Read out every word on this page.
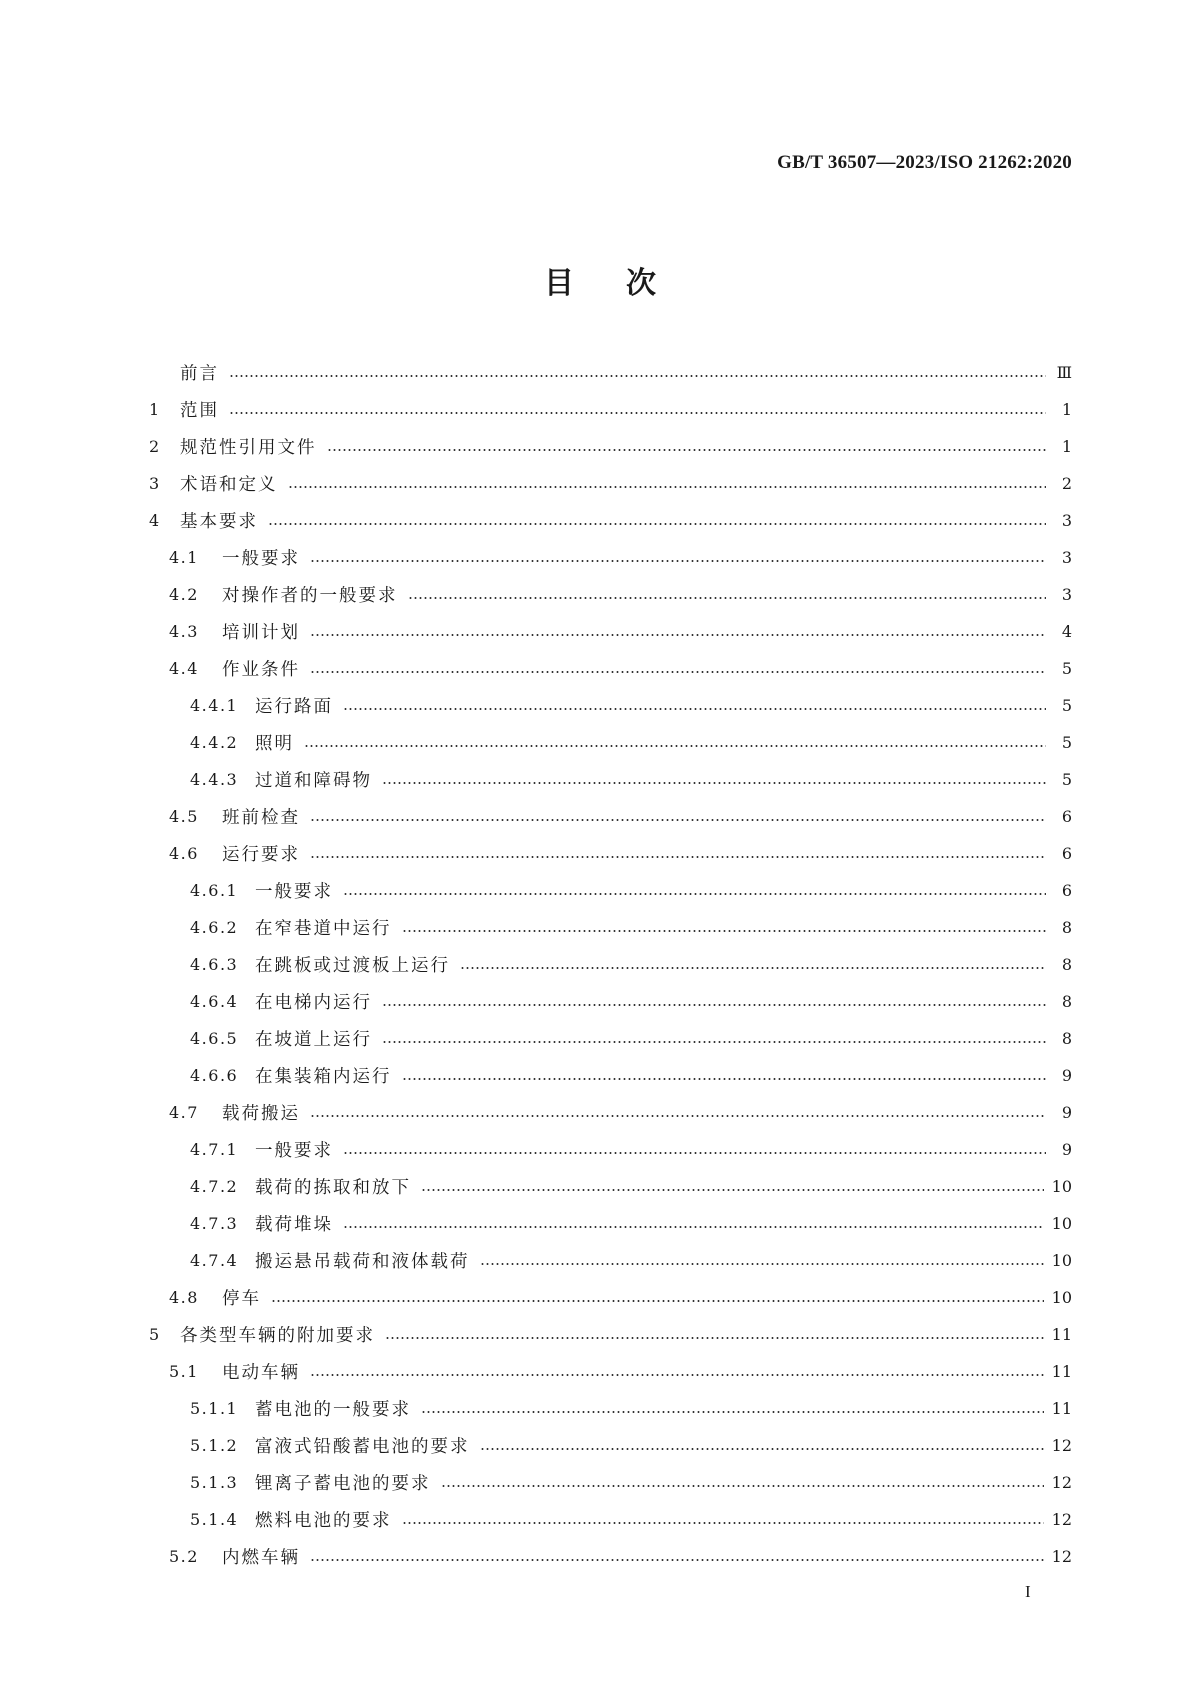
GB/T 36507—2023/ISO 21262:2020
目次
前言	Ⅲ
1	范围	1
2	规范性引用文件	1
3	术语和定义	2
4	基本要求	3
4.1	一般要求	3
4.2	对操作者的一般要求	3
4.3	培训计划	4
4.4	作业条件	5
4.4.1 运行路面	5
4.4.2 照明	5
4.4.3 过道和障碍物	5
4.5	班前检查	6
4.6	运行要求	6
4.6.1 一般要求	6
4.6.2 在窄巷道中运行	8
4.6.3 在跳板或过渡板上运行	8
4.6.4 在电梯内运行	8
4.6.5 在坡道上运行	8
4.6.6 在集装箱内运行	9
4.7	载荷搬运	9
4.7.1 一般要求	9
4.7.2 载荷的拣取和放下	10
4.7.3 载荷堆垛	10
4.7.4 搬运悬吊载荷和液体载荷	10
4.8	停车	10
5	各类型车辆的附加要求	11
5.1	电动车辆	11
5.1.1 蓄电池的一般要求	11
5.1.2 富液式铅酸蓄电池的要求	12
5.1.3 锂离子蓄电池的要求	12
5.1.4 燃料电池的要求	12
5.2	内燃车辆	12
I
